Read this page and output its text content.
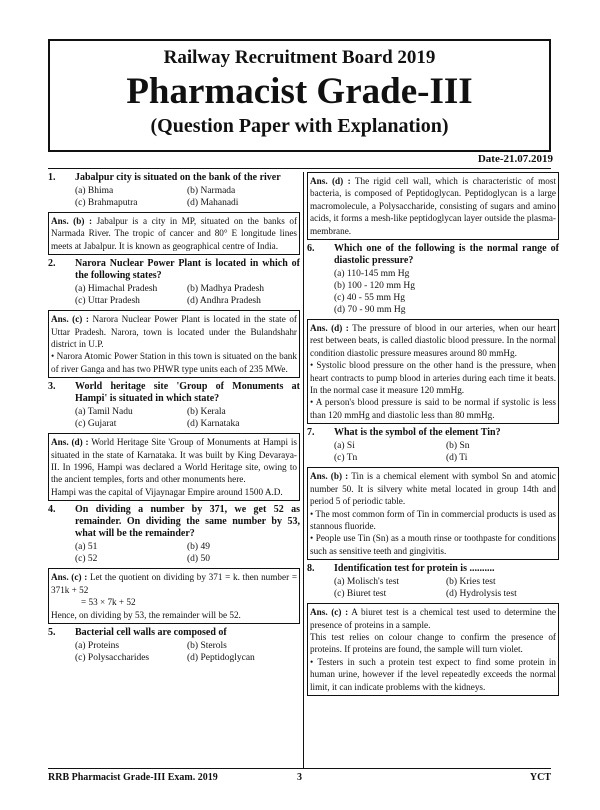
Railway Recruitment Board 2019
Pharmacist Grade-III
(Question Paper with Explanation)
Date-21.07.2019
1.	Jabalpur city is situated on the bank of the river
(a) Bhima	(b) Narmada
(c) Brahmaputra	(d) Mahanadi

Ans. (b) : Jabalpur is a city in MP, situated on the banks of Narmada River. The tropic of cancer and 80° E longitude lines meets at Jabalpur. It is known as geographical centre of India.

2.	Narora Nuclear Power Plant is located in which of the following states?
(a) Himachal Pradesh	(b) Madhya Pradesh
(c) Uttar Pradesh	(d) Andhra Pradesh

Ans. (c) : Narora Nuclear Power Plant is located in the state of Uttar Pradesh. Narora, town is located under the Bulandshahr district in U.P.

• Narora Atomic Power Station in this town is situated on the bank of river Ganga and has two PHWR type units each of 235 MWe.

3.	World heritage site 'Group of Monuments at Hampi' is situated in which state?
(a) Tamil Nadu	(b) Kerala
(c) Gujarat	(d) Karnataka

Ans. (d) : World Heritage Site 'Group of Monuments at Hampi is situated in the state of Karnataka. It was built by King Devaraya-II. In 1996, Hampi was declared a World Heritage site, owing to the ancient temples, forts and other monuments here.

Hampi was the capital of Vijaynagar Empire around 1500 A.D.

4.	On dividing a number by 371, we get 52 as remainder. On dividing the same number by 53, what will be the remainder?
(a) 51	(b) 49
(c) 52	(d) 50

Ans. (c) : Let the quotient on dividing by 371 = k. then number = 371k + 52

= 53 × 7k + 52

Hence, on dividing by 53, the remainder will be 52.

5.	Bacterial cell walls are composed of
(a) Proteins	(b) Sterols
(c) Polysaccharides	(d) Peptidoglycan

Ans. (d) : The rigid cell wall, which is characteristic of most bacteria, is composed of Peptidoglycan. Peptidoglycan is a large macromolecule, a Polysaccharide, consisting of sugars and amino acids, it forms a mesh-like peptidoglycan layer outside the plasma-membrane.

6.	Which one of the following is the normal range of diastolic pressure?
(a) 110-145 mm Hg
(b) 100 - 120 mm Hg
(c) 40 - 55 mm Hg
(d) 70 - 90 mm Hg

Ans. (d) : The pressure of blood in our arteries, when our heart rest between beats, is called diastolic blood pressure. In the normal condition diastolic pressure measures around 80 mmHg.

• Systolic blood pressure on the other hand is the pressure, when heart contracts to pump blood in arteries during each time it beats. In the normal case it measure 120 mmHg.

• A person's blood pressure is said to be normal if systolic is less than 120 mmHg and diastolic less than 80 mmHg.

7.	What is the symbol of the element Tin?
(a) Si	(b) Sn
(c) Tn	(d) Ti

Ans. (b) : Tin is a chemical element with symbol Sn and atomic number 50. It is silvery white metal located in group 14th and period 5 of periodic table.

• The most common form of Tin in commercial products is used as stannous fluoride.

• People use Tin (Sn) as a mouth rinse or toothpaste for conditions such as sensitive teeth and gingivitis.

8.	Identification test for protein is ..........
(a) Molisch's test	(b) Kries test
(c) Biuret test	(d) Hydrolysis test

Ans. (c) : A biuret test is a chemical test used to determine the presence of proteins in a sample.

This test relies on colour change to confirm the presence of proteins. If proteins are found, the sample will turn violet.

• Testers in such a protein test expect to find some protein in human urine, however if the level repeatedly exceeds the normal limit, it can indicate problems with the kidneys.

RRB Pharmacist Grade-III Exam. 2019	3	YCT
